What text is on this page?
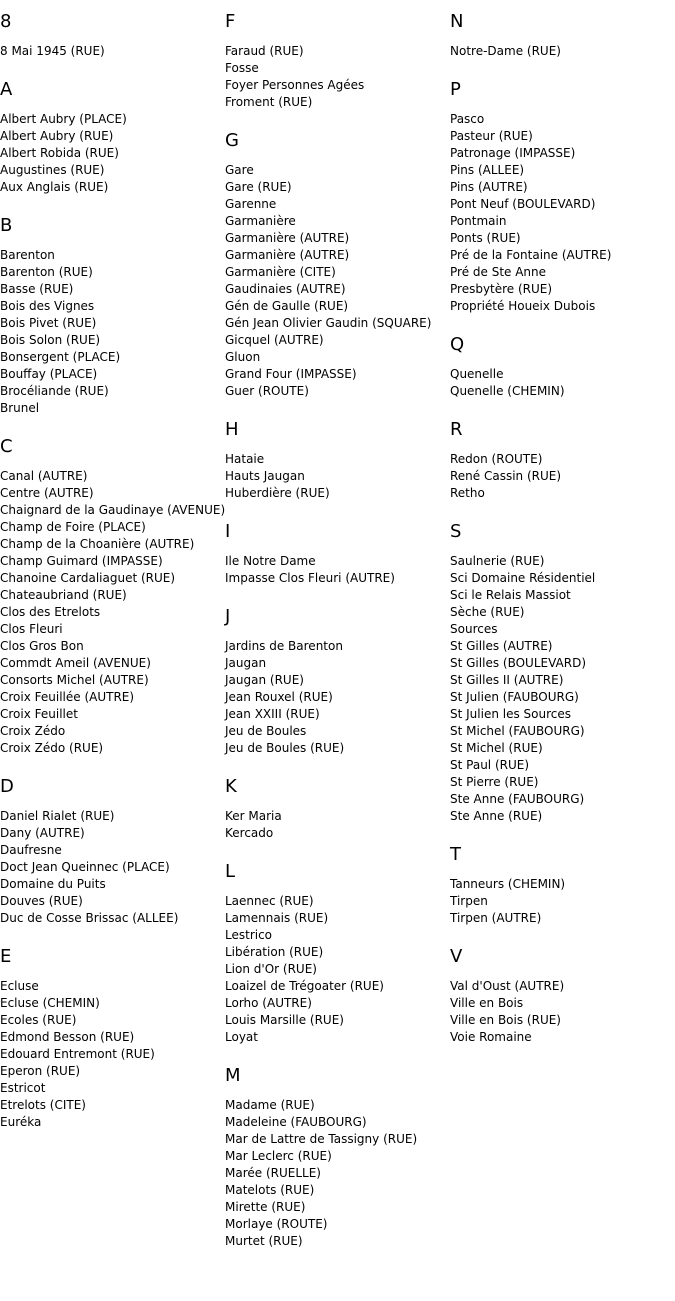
8
8 Mai 1945 (RUE)
A
Albert Aubry (PLACE)
Albert Aubry (RUE)
Albert Robida (RUE)
Augustines (RUE)
Aux Anglais (RUE)
B
Barenton
Barenton (RUE)
Basse (RUE)
Bois des Vignes
Bois Pivet (RUE)
Bois Solon (RUE)
Bonsergent (PLACE)
Bouffay (PLACE)
Brocéliande (RUE)
Brunel
C
Canal (AUTRE)
Centre (AUTRE)
Chaignard de la Gaudinaye (AVENUE)
Champ de Foire (PLACE)
Champ de la Choanière (AUTRE)
Champ Guimard (IMPASSE)
Chanoine Cardaliaguet (RUE)
Chateaubriand (RUE)
Clos des Etrelots
Clos Fleuri
Clos Gros Bon
Commdt Ameil (AVENUE)
Consorts Michel (AUTRE)
Croix Feuillée (AUTRE)
Croix Feuillet
Croix Zédo
Croix Zédo (RUE)
D
Daniel Rialet (RUE)
Dany (AUTRE)
Daufresne
Doct Jean Queinnec (PLACE)
Domaine du Puits
Douves (RUE)
Duc de Cosse Brissac (ALLEE)
E
Ecluse
Ecluse (CHEMIN)
Ecoles (RUE)
Edmond Besson (RUE)
Edouard Entremont (RUE)
Eperon (RUE)
Estricot
Etrelots (CITE)
Euréka
F
Faraud (RUE)
Fosse
Foyer Personnes Agées
Froment (RUE)
G
Gare
Gare (RUE)
Garenne
Garmanière
Garmanière (AUTRE)
Garmanière (AUTRE)
Garmanière (CITE)
Gaudinaies (AUTRE)
Gén de Gaulle (RUE)
Gén Jean Olivier Gaudin (SQUARE)
Gicquel (AUTRE)
Gluon
Grand Four (IMPASSE)
Guer (ROUTE)
H
Hataie
Hauts Jaugan
Huberdière (RUE)
I
Ile Notre Dame
Impasse Clos Fleuri (AUTRE)
J
Jardins de Barenton
Jaugan
Jaugan (RUE)
Jean Rouxel (RUE)
Jean XXIII (RUE)
Jeu de Boules
Jeu de Boules (RUE)
K
Ker Maria
Kercado
L
Laennec (RUE)
Lamennais (RUE)
Lestrico
Libération (RUE)
Lion d'Or (RUE)
Loaizel de Trégoater (RUE)
Lorho (AUTRE)
Louis Marsille (RUE)
Loyat
M
Madame (RUE)
Madeleine (FAUBOURG)
Mar de Lattre de Tassigny (RUE)
Mar Leclerc (RUE)
Marée (RUELLE)
Matelots (RUE)
Mirette (RUE)
Morlaye (ROUTE)
Murtet (RUE)
N
Notre-Dame (RUE)
P
Pasco
Pasteur (RUE)
Patronage (IMPASSE)
Pins (ALLEE)
Pins (AUTRE)
Pont Neuf (BOULEVARD)
Pontmain
Ponts (RUE)
Pré de la Fontaine (AUTRE)
Pré de Ste Anne
Presbytère (RUE)
Propriété Houeix Dubois
Q
Quenelle
Quenelle (CHEMIN)
R
Redon (ROUTE)
René Cassin (RUE)
Retho
S
Saulnerie (RUE)
Sci Domaine Résidentiel
Sci le Relais Massiot
Sèche (RUE)
Sources
St Gilles (AUTRE)
St Gilles (BOULEVARD)
St Gilles II (AUTRE)
St Julien (FAUBOURG)
St Julien les Sources
St Michel (FAUBOURG)
St Michel (RUE)
St Paul (RUE)
St Pierre (RUE)
Ste Anne (FAUBOURG)
Ste Anne (RUE)
T
Tanneurs (CHEMIN)
Tirpen
Tirpen (AUTRE)
V
Val d'Oust (AUTRE)
Ville en Bois
Ville en Bois (RUE)
Voie Romaine
